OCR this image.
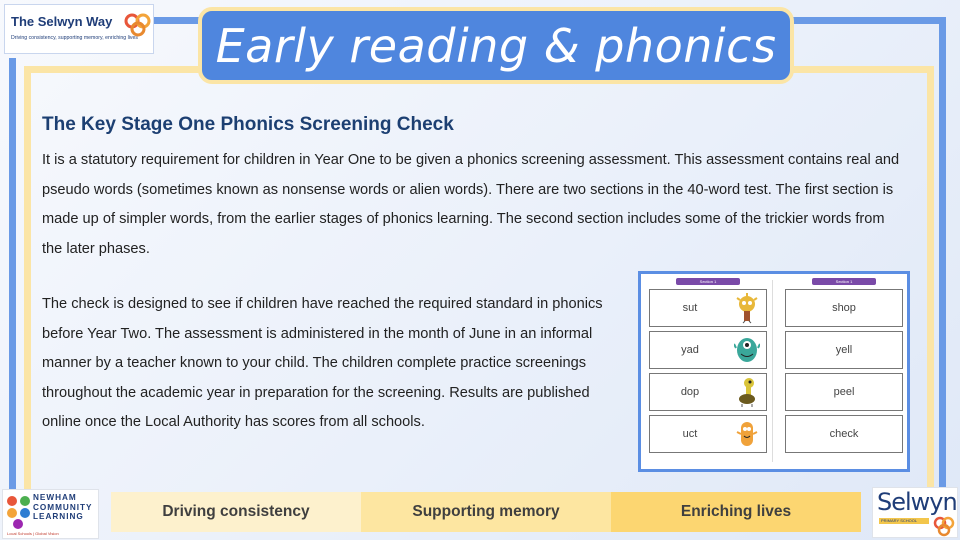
The Selwyn Way
Driving consistency, supporting memory, enriching lives Early reading & phonics
The Key Stage One Phonics Screening Check

It is a statutory requirement for children in Year One to be given a phonics screening assessment. This assessment contains real and pseudo words (sometimes known as nonsense words or alien words). There are two sections in the 40-word test. The first section is made up of simpler words, from the earlier stages of phonics learning. The second section includes some of the trickier words from the later phases.

The check is designed to see if children have reached the required standard in phonics before Year Two. The assessment is administered in the month of June in an informal manner by a teacher known to your child. The children complete practice screenings throughout the academic year in preparation for the screening. Results are published online once the Local Authority has scores from all schools.

Section 1
sut
yad
dop
uct
Section 1
shop
yell
peel
check
NEWHAM
COMMUNITY
LEARNING
Local Schools | Global Vision
Driving consistency	Supporting memory	Enriching lives	Selwyn
PRIMARY SCHOOL
